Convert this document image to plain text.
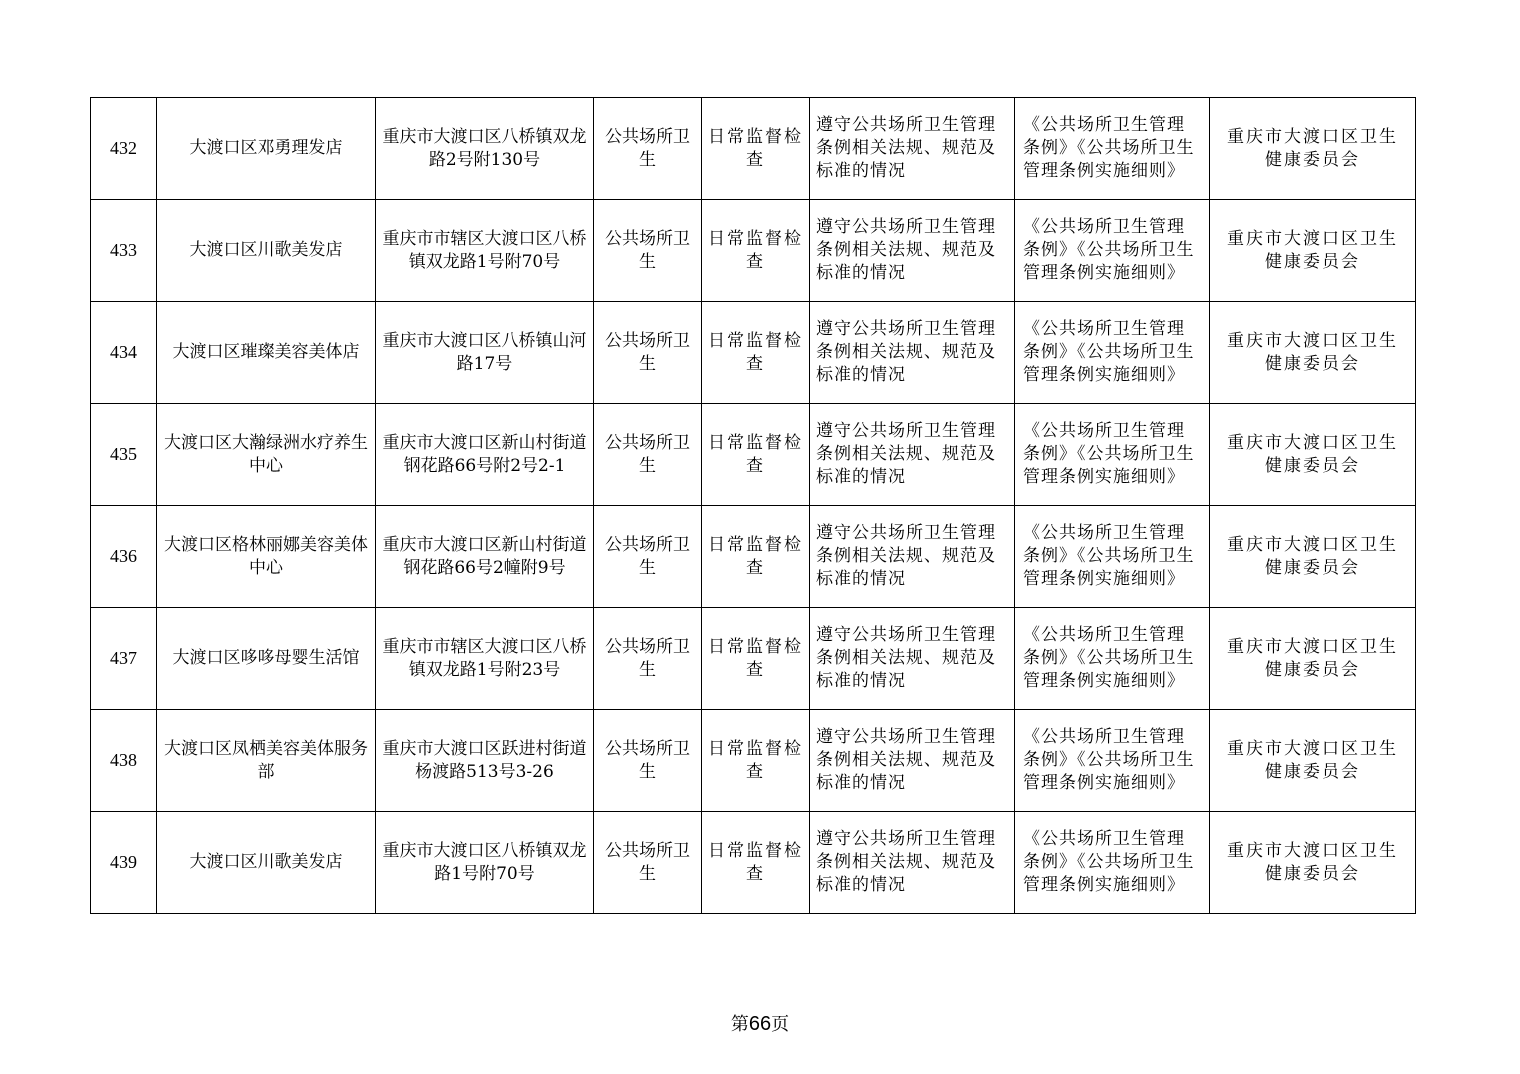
432	大渡口区邓勇理发店	重庆市大渡口区八桥镇双龙路2号附130号	公共场所卫生	日常监督检查	遵守公共场所卫生管理条例相关法规、规范及标准的情况	《公共场所卫生管理条例》《公共场所卫生管理条例实施细则》	重庆市大渡口区卫生健康委员会
433	大渡口区川歌美发店	重庆市市辖区大渡口区八桥镇双龙路1号附70号	公共场所卫生	日常监督检查	遵守公共场所卫生管理条例相关法规、规范及标准的情况	《公共场所卫生管理条例》《公共场所卫生管理条例实施细则》	重庆市大渡口区卫生健康委员会
434	大渡口区璀璨美容美体店	重庆市大渡口区八桥镇山河路17号	公共场所卫生	日常监督检查	遵守公共场所卫生管理条例相关法规、规范及标准的情况	《公共场所卫生管理条例》《公共场所卫生管理条例实施细则》	重庆市大渡口区卫生健康委员会
435	大渡口区大瀚绿洲水疗养生中心	重庆市大渡口区新山村街道钢花路66号附2号2-1	公共场所卫生	日常监督检查	遵守公共场所卫生管理条例相关法规、规范及标准的情况	《公共场所卫生管理条例》《公共场所卫生管理条例实施细则》	重庆市大渡口区卫生健康委员会
436	大渡口区格林丽娜美容美体中心	重庆市大渡口区新山村街道钢花路66号2幢附9号	公共场所卫生	日常监督检查	遵守公共场所卫生管理条例相关法规、规范及标准的情况	《公共场所卫生管理条例》《公共场所卫生管理条例实施细则》	重庆市大渡口区卫生健康委员会
437	大渡口区哆哆母婴生活馆	重庆市市辖区大渡口区八桥镇双龙路1号附23号	公共场所卫生	日常监督检查	遵守公共场所卫生管理条例相关法规、规范及标准的情况	《公共场所卫生管理条例》《公共场所卫生管理条例实施细则》	重庆市大渡口区卫生健康委员会
438	大渡口区凤栖美容美体服务部	重庆市大渡口区跃进村街道杨渡路513号3-26	公共场所卫生	日常监督检查	遵守公共场所卫生管理条例相关法规、规范及标准的情况	《公共场所卫生管理条例》《公共场所卫生管理条例实施细则》	重庆市大渡口区卫生健康委员会
439	大渡口区川歌美发店	重庆市大渡口区八桥镇双龙路1号附70号	公共场所卫生	日常监督检查	遵守公共场所卫生管理条例相关法规、规范及标准的情况	《公共场所卫生管理条例》《公共场所卫生管理条例实施细则》	重庆市大渡口区卫生健康委员会
第66页
